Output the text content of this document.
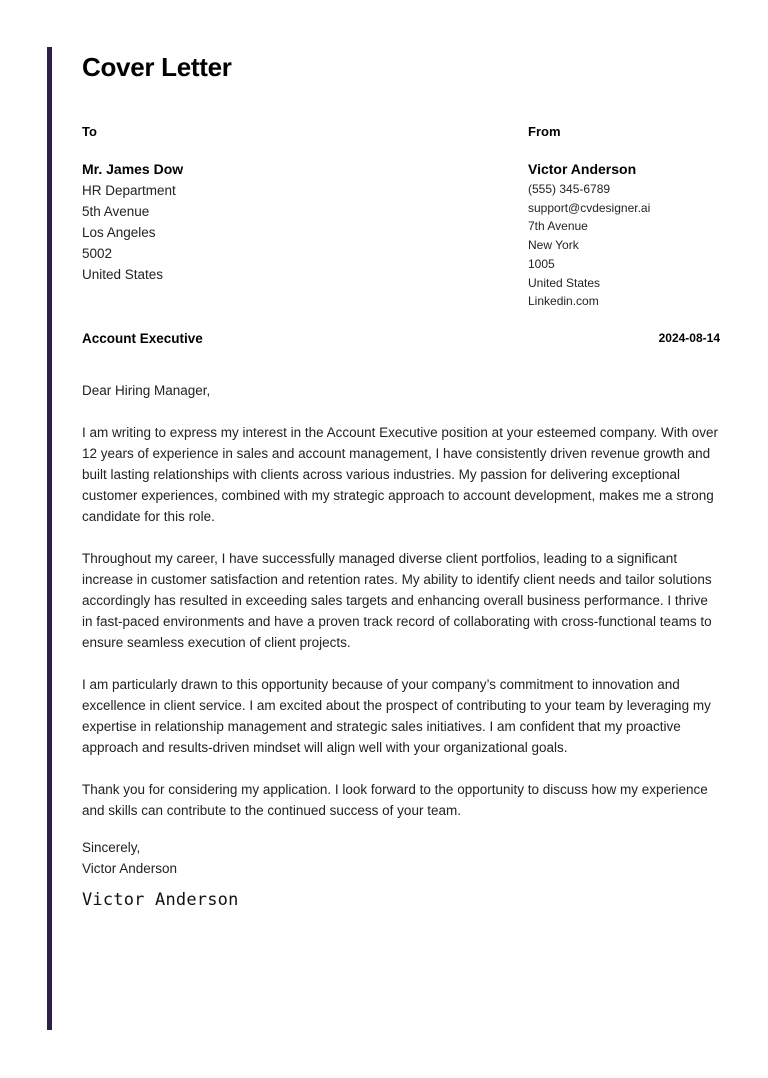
Cover Letter
To
Mr. James Dow
HR Department
5th Avenue
Los Angeles
5002
United States
From
Victor Anderson
(555) 345-6789
support@cvdesigner.ai
7th Avenue
New York
1005
United States
Linkedin.com
Account Executive	2024-08-14

Dear Hiring Manager,

I am writing to express my interest in the Account Executive position at your esteemed company. With over 12 years of experience in sales and account management, I have consistently driven revenue growth and built lasting relationships with clients across various industries. My passion for delivering exceptional customer experiences, combined with my strategic approach to account development, makes me a strong candidate for this role.

Throughout my career, I have successfully managed diverse client portfolios, leading to a significant increase in customer satisfaction and retention rates. My ability to identify client needs and tailor solutions accordingly has resulted in exceeding sales targets and enhancing overall business performance. I thrive in fast-paced environments and have a proven track record of collaborating with cross-functional teams to ensure seamless execution of client projects.

I am particularly drawn to this opportunity because of your company’s commitment to innovation and excellence in client service. I am excited about the prospect of contributing to your team by leveraging my expertise in relationship management and strategic sales initiatives. I am confident that my proactive approach and results-driven mindset will align well with your organizational goals.

Thank you for considering my application. I look forward to the opportunity to discuss how my experience and skills can contribute to the continued success of your team.

Sincerely,
Victor Anderson
Victor Anderson
